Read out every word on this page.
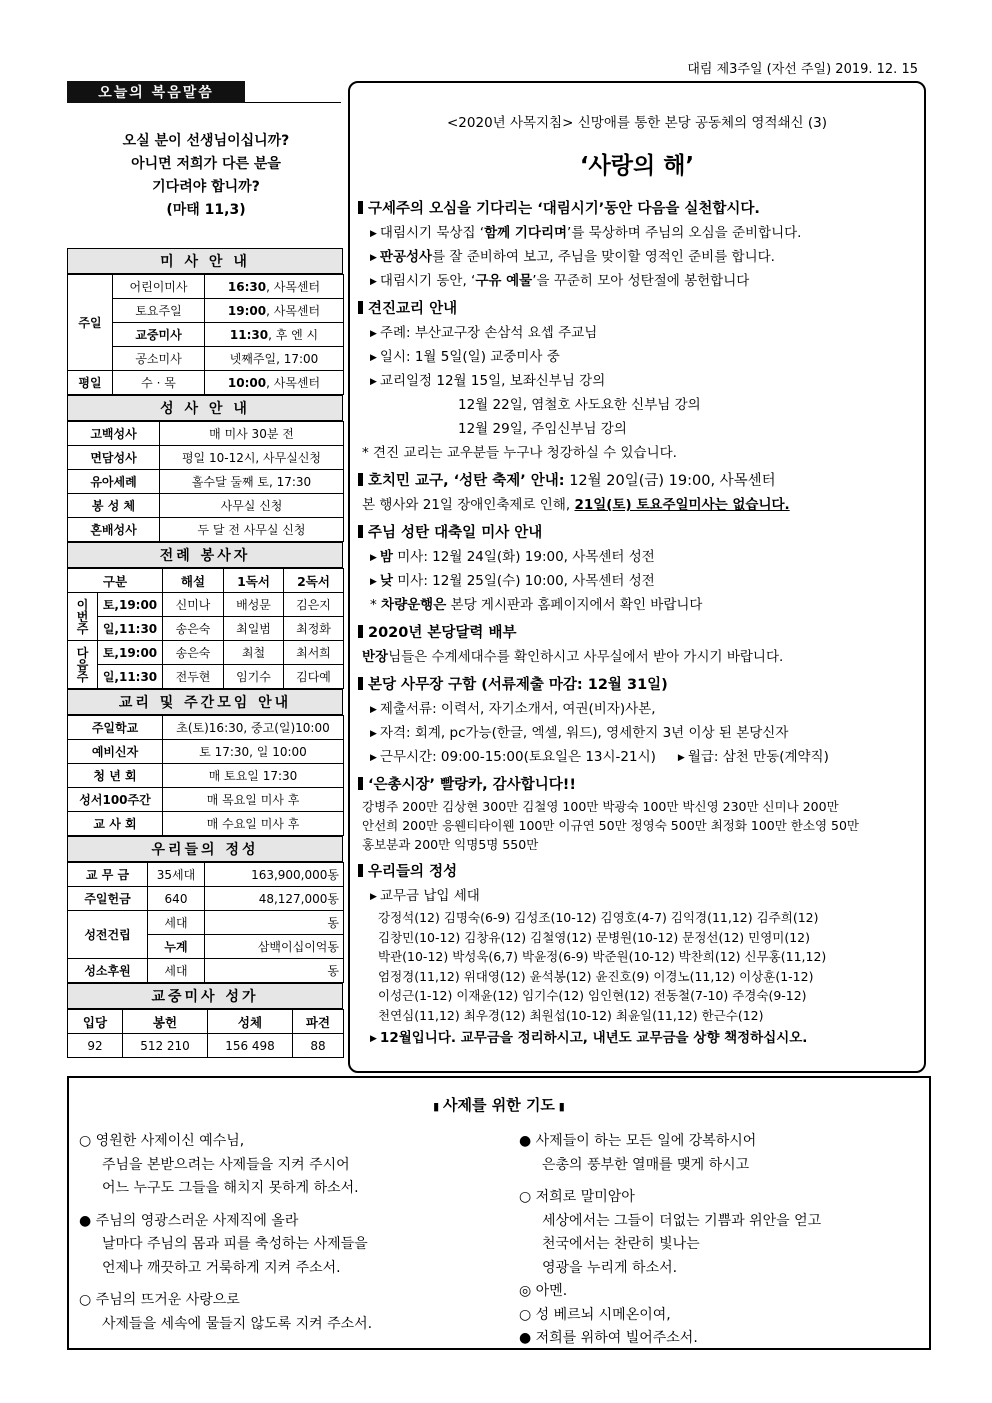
대림 제3주일 (자선 주일) 2019. 12. 15
오늘의 복음말씀
오실 분이 선생님이십니까?
아니면 저희가 다른 분을
기다려야 합니까?
(마태 11,3)
미 사 안 내
주일	어린이미사	16:30, 사목센터
	토요주일	19:00, 사목센터
	교중미사	11:30, 후 엔 시
	공소미사	넷째주일, 17:00
평일	수 · 목	10:00, 사목센터
성 사 안 내
고백성사	매 미사 30분 전
면담성사	평일 10-12시, 사무실신청
유아세례	홀수달 둘째 토, 17:30
봉 성 체	사무실 신청
혼배성사	두 달 전 사무실 신청
전례 봉사자
구분		해설	1독서	2독서
이
번
주	토,19:00	신미나	배성문	김은지
	일,11:30	송은숙	최일범	최정화
다
음
주	토,19:00	송은숙	최철	최서희
	일,11:30	전두현	임기수	김다예
교리 및 주간모임 안내
주일학교	초(토)16:30, 중고(일)10:00
예비신자	토 17:30, 일 10:00
청 년 회	매 토요일 17:30
성서100주간	매 목요일 미사 후
교 사 회	매 수요일 미사 후
우리들의 정성
교 무 금	35세대	163,900,000동
주일헌금	640	48,127,000동
성전건립	세대	동
	누계	삼백이십이억동
성소후원	세대	동
교중미사 성가
입당	봉헌	성체	파견
92	512 210	156 498	88
<2020년 사목지침> 신망애를 통한 본당 공동체의 영적쇄신 (3)
‘사랑의 해’
구세주의 오심을 기다리는 ‘대림시기’동안 다음을 실천합시다.
▶ 대림시기 묵상집 ‘함께 기다리며’를 묵상하며 주님의 오심을 준비합니다.
▶ 판공성사를 잘 준비하여 보고, 주님을 맞이할 영적인 준비를 합니다.
▶ 대림시기 동안, ‘구유 예물’을 꾸준히 모아 성탄절에 봉헌합니다
견진교리 안내
▶ 주례: 부산교구장 손삼석 요셉 주교님
▶ 일시: 1월 5일(일) 교중미사 중
▶ 교리일정 12월 15일, 보좌신부님 강의
12월 22일, 염철호 사도요한 신부님 강의
12월 29일, 주임신부님 강의
* 견진 교리는 교우분들 누구나 청강하실 수 있습니다.
호치민 교구, ‘성탄 축제’ 안내: 12월 20일(금) 19:00, 사목센터
본 행사와 21일 장애인축제로 인해, 21일(토) 토요주일미사는 없습니다.
주님 성탄 대축일 미사 안내
▶ 밤 미사: 12월 24일(화) 19:00, 사목센터 성전
▶ 낮 미사: 12월 25일(수) 10:00, 사목센터 성전
* 차량운행은 본당 게시판과 홈페이지에서 확인 바랍니다
2020년 본당달력 배부
반장님들은 수계세대수를 확인하시고 사무실에서 받아 가시기 바랍니다.
본당 사무장 구함 (서류제출 마감: 12월 31일)
▶ 제출서류: 이력서, 자기소개서, 여권(비자)사본,
▶ 자격: 회계, pc가능(한글, 엑셀, 워드), 영세한지 3년 이상 된 본당신자
▶ 근무시간: 09:00-15:00(토요일은 13시-21시) ▶ 월급: 삼천 만동(계약직)
‘은총시장’ 빨랑카, 감사합니다!!
강병주 200만 김상현 300만 김철영 100만 박광숙 100만 박신영 230만 신미나 200만
안선희 200만 응웬티타이웬 100만 이규연 50만 정영숙 500만 최정화 100만 한소영 50만
홍보분과 200만 익명5명 550만
우리들의 정성
▶ 교무금 납입 세대
강정석(12) 김명숙(6-9) 김성조(10-12) 김영호(4-7) 김익경(11,12) 김주희(12)
김창민(10-12) 김창유(12) 김철영(12) 문병원(10-12) 문정선(12) 민영미(12)
박관(10-12) 박성욱(6,7) 박윤정(6-9) 박준원(10-12) 박찬희(12) 신무홍(11,12)
엄정경(11,12) 위대영(12) 윤석봉(12) 윤진호(9) 이경노(11,12) 이상훈(1-12)
이성근(1-12) 이재윤(12) 임기수(12) 임인현(12) 전동철(7-10) 주경숙(9-12)
천연심(11,12) 최우경(12) 최원섭(10-12) 최윤일(11,12) 한근수(12)
▶ 12월입니다. 교무금을 정리하시고, 내년도 교무금을 상향 책정하십시오.
▮ 사제를 위한 기도 ▮
○ 영원한 사제이신 예수님,
주님을 본받으려는 사제들을 지켜 주시어
어느 누구도 그들을 해치지 못하게 하소서.
● 주님의 영광스러운 사제직에 올라
날마다 주님의 몸과 피를 축성하는 사제들을
언제나 깨끗하고 거룩하게 지켜 주소서.
○ 주님의 뜨거운 사랑으로
사제들을 세속에 물들지 않도록 지켜 주소서.
● 사제들이 하는 모든 일에 강복하시어
은총의 풍부한 열매를 맺게 하시고
○ 저희로 말미암아
세상에서는 그들이 더없는 기쁨과 위안을 얻고
천국에서는 찬란히 빛나는
영광을 누리게 하소서.
◎ 아멘.
○ 성 베르뇌 시메온이여,
● 저희를 위하여 빌어주소서.
